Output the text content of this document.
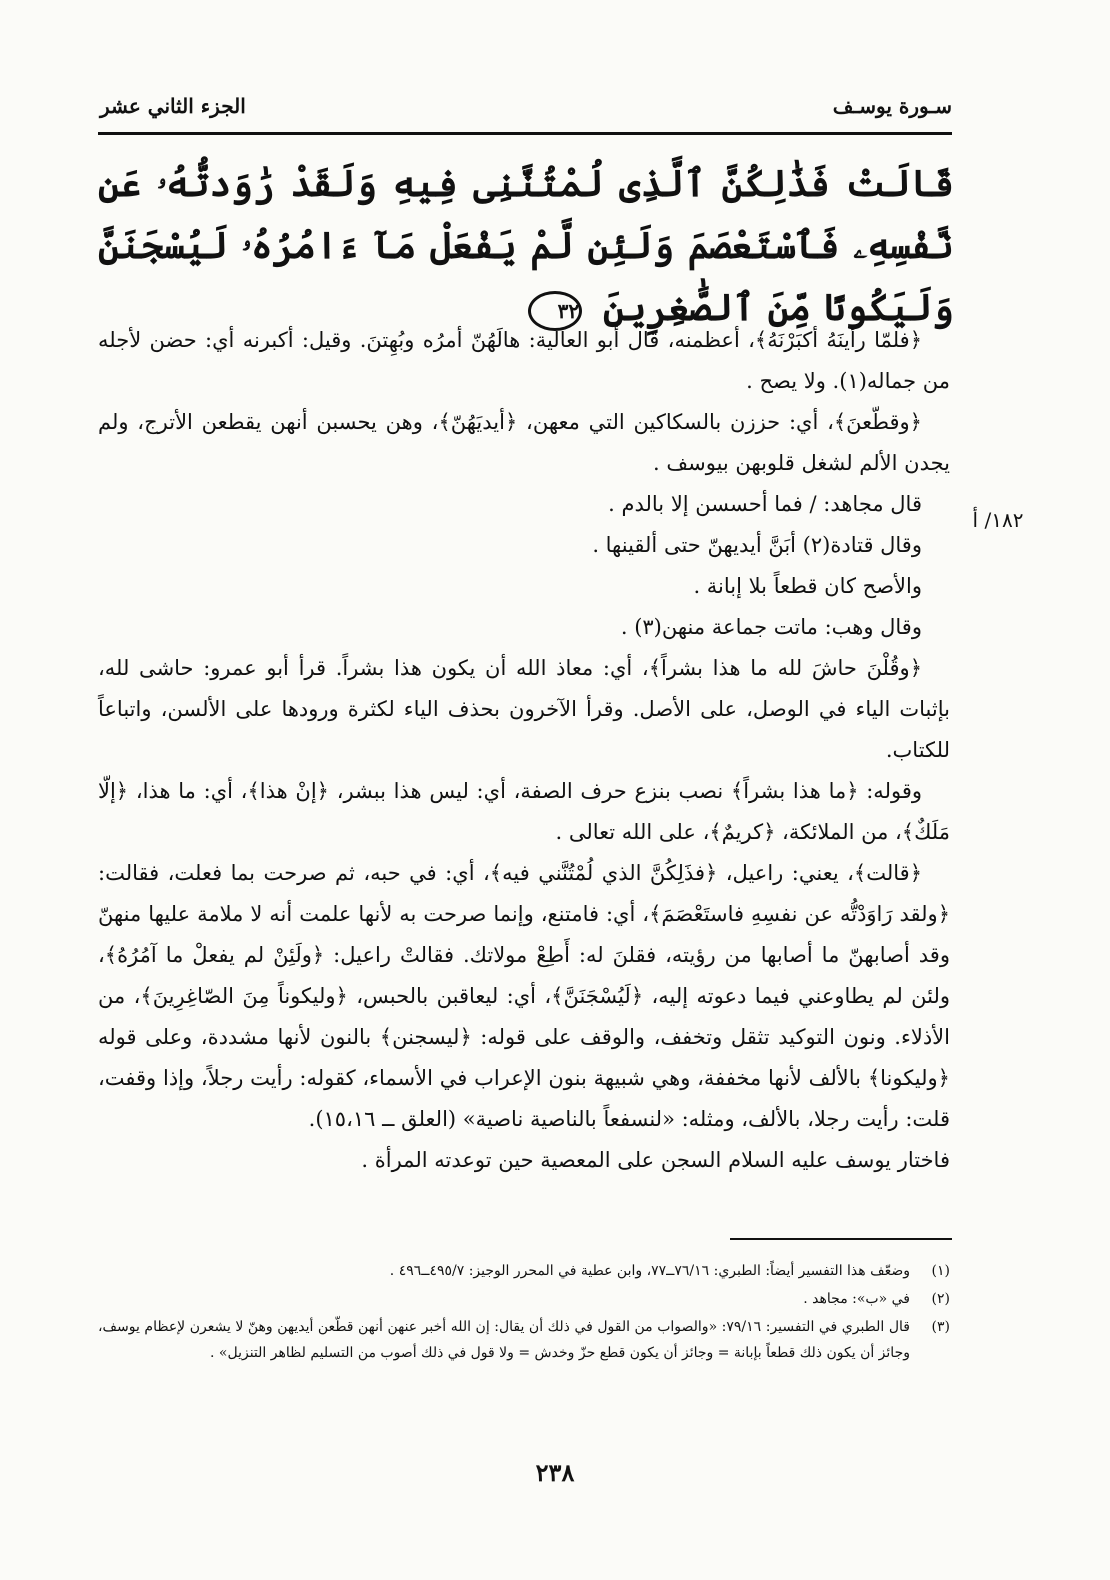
سـورة يوسـف
الجزء الثاني عشر
قَالَتْ فَذَٰلِكُنَّ ٱلَّذِى لُمْتُنَّنِى فِيهِ وَلَقَدْ رَٰوَدتُّهُۥ عَن نَّفْسِهِۦ فَٱسْتَعْصَمَ وَلَئِن لَّمْ يَفْعَلْ مَآ ءَامُرُهُۥ لَيُسْجَنَنَّ وَلَيَكُونًا مِّنَ ٱلصَّٰغِرِينَ ٣٢

﴿فلمّا رأينَهُ أكبَرْنَهُ﴾، أعظمنه، قال أبو العالية: هالَهُنّ أمرُه وبُهِتنَ. وقيل: أكبرنه أي: حضن لأجله من جماله(١). ولا يصح .

﴿وقطّعنَ﴾، أي: حززن بالسكاكين التي معهن، ﴿أيديَهُنّ﴾، وهن يحسبن أنهن يقطعن الأترج، ولم يجدن الألم لشغل قلوبهن بيوسف .

قال مجاهد: / فما أحسسن إلا بالدم .

وقال قتادة(٢) أبَنَّ أيديهنّ حتى ألقينها .

والأصح كان قطعاً بلا إبانة .

وقال وهب: ماتت جماعة منهن(٣) .

﴿وقُلْنَ حاشَ لله ما هذا بشراً﴾، أي: معاذ الله أن يكون هذا بشراً. قرأ أبو عمرو: حاشى لله، بإثبات الياء في الوصل، على الأصل. وقرأ الآخرون بحذف الياء لكثرة ورودها على الألسن، واتباعاً للكتاب.

وقوله: ﴿ما هذا بشراً﴾ نصب بنزع حرف الصفة، أي: ليس هذا ببشر، ﴿إنْ هذا﴾، أي: ما هذا، ﴿إلّا مَلَكٌ﴾، من الملائكة، ﴿كريمٌ﴾، على الله تعالى .

﴿قالت﴾، يعني: راعيل، ﴿فذَلِكُنَّ الذي لُمْتُنَّني فيه﴾، أي: في حبه، ثم صرحت بما فعلت، فقالت: ﴿ولقد رَاوَدْتُّه عن نفسِهِ فاستَعْصَمَ﴾، أي: فامتنع، وإنما صرحت به لأنها علمت أنه لا ملامة عليها منهنّ وقد أصابهنّ ما أصابها من رؤيته، فقلنَ له: أَطِعْ مولاتك. فقالتْ راعيل: ﴿ولَئِنْ لم يفعلْ ما آمُرُهُ﴾، ولئن لم يطاوعني فيما دعوته إليه، ﴿لَيُسْجَنَنَّ﴾، أي: ليعاقبن بالحبس، ﴿وليكوناً مِنَ الصّاغِرِينَ﴾، من الأذلاء. ونون التوكيد تثقل وتخفف، والوقف على قوله: ﴿ليسجنن﴾ بالنون لأنها مشددة، وعلى قوله ﴿وليكونا﴾ بالألف لأنها مخففة، وهي شبيهة بنون الإعراب في الأسماء، كقوله: رأيت رجلاً، وإذا وقفت، قلت: رأيت رجلا، بالألف، ومثله: «لنسفعاً بالناصية ناصية» (العلق ــ ١٥،١٦).

فاختار يوسف عليه السلام السجن على المعصية حين توعدته المرأة .

١٨٢/ أ
(١)
وضعّف هذا التفسير أيضاً: الطبري: ٧٦/١٦ــ٧٧، وابن عطية في المحرر الوجيز: ٤٩٥/٧ــ٤٩٦ .
(٢)
في «ب»: مجاهد .
(٣)
قال الطبري في التفسير: ٧٩/١٦: «والصواب من القول في ذلك أن يقال: إن الله أخبر عنهن أنهن قطّعن أيديهن وهنّ لا يشعرن لإعظام يوسف، وجائز أن يكون ذلك قطعاً بإبانة = وجائز أن يكون قطع حزّ وخدش = ولا قول في ذلك أصوب من التسليم لظاهر التنزيل» .
٢٣٨
